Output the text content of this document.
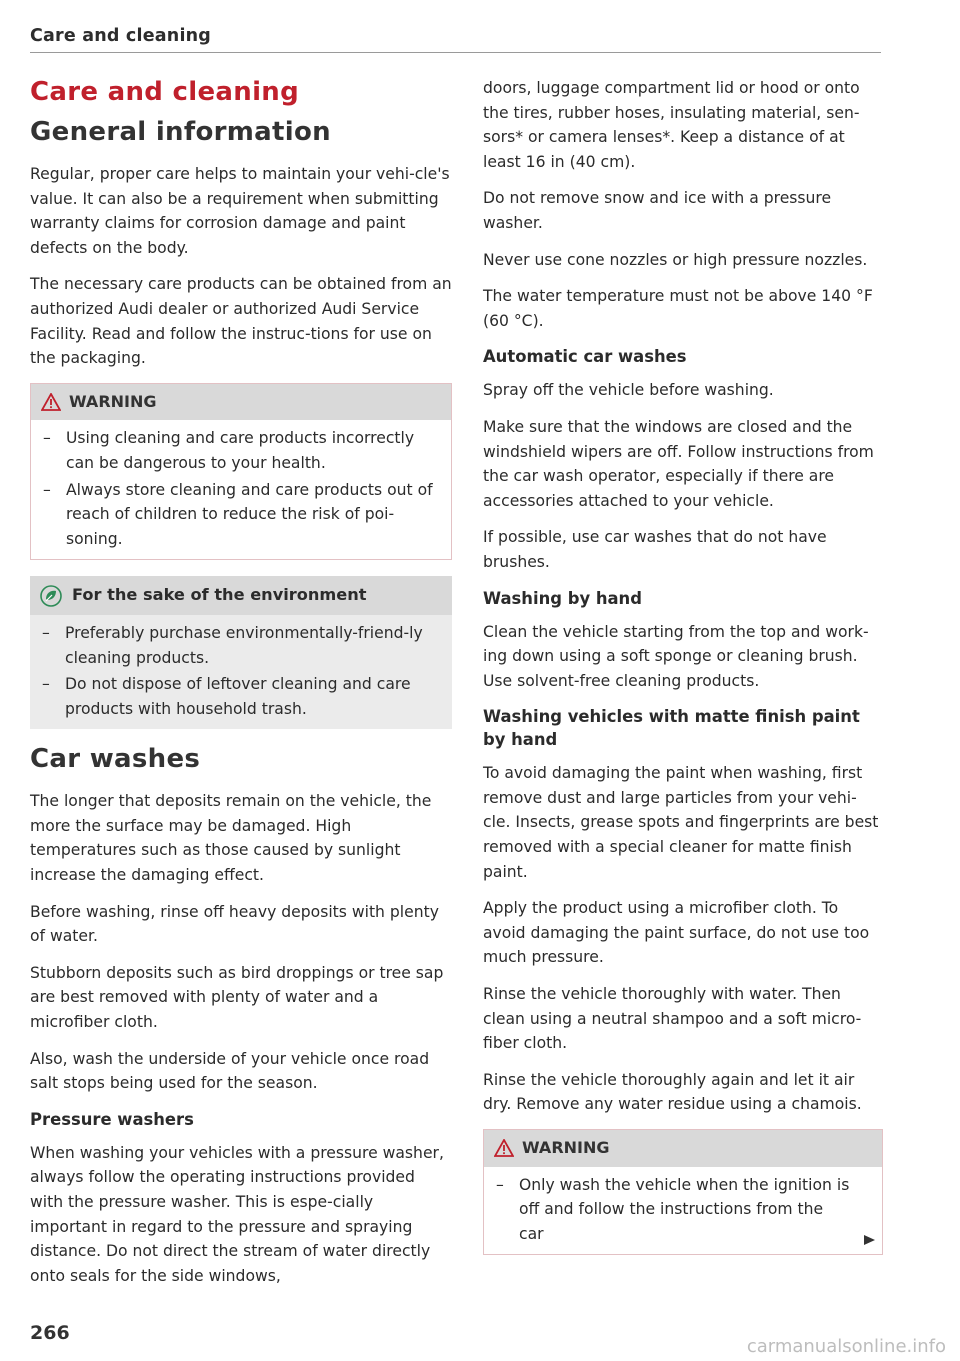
Care and cleaning
Care and cleaning
General information

Regular, proper care helps to maintain your vehi-cle's value. It can also be a requirement when submitting warranty claims for corrosion damage and paint defects on the body.

The necessary care products can be obtained from an authorized Audi dealer or authorized Audi Service Facility. Read and follow the instruc-tions for use on the packaging.

WARNING
– Using cleaning and care products incorrectly can be dangerous to your health.
– Always store cleaning and care products out of reach of children to reduce the risk of poi-soning.
For the sake of the environment
– Preferably purchase environmentally-friend-ly cleaning products.
– Do not dispose of leftover cleaning and care products with household trash.
Car washes

The longer that deposits remain on the vehicle, the more the surface may be damaged. High temperatures such as those caused by sunlight increase the damaging effect.

Before washing, rinse off heavy deposits with plenty of water.

Stubborn deposits such as bird droppings or tree sap are best removed with plenty of water and a microfiber cloth.

Also, wash the underside of your vehicle once road salt stops being used for the season.

Pressure washers

When washing your vehicles with a pressure washer, always follow the operating instructions provided with the pressure washer. This is espe-cially important in regard to the pressure and spraying distance. Do not direct the stream of water directly onto seals for the side windows,

doors, luggage compartment lid or hood or onto the tires, rubber hoses, insulating material, sen-sors* or camera lenses*. Keep a distance of at least 16 in (40 cm).

Do not remove snow and ice with a pressure washer.

Never use cone nozzles or high pressure nozzles.

The water temperature must not be above 140 °F (60 °C).

Automatic car washes

Spray off the vehicle before washing.

Make sure that the windows are closed and the windshield wipers are off. Follow instructions from the car wash operator, especially if there are accessories attached to your vehicle.

If possible, use car washes that do not have brushes.

Washing by hand

Clean the vehicle starting from the top and work-ing down using a soft sponge or cleaning brush. Use solvent-free cleaning products.

Washing vehicles with matte finish paint by hand

To avoid damaging the paint when washing, first remove dust and large particles from your vehi-cle. Insects, grease spots and fingerprints are best removed with a special cleaner for matte finish paint.

Apply the product using a microfiber cloth. To avoid damaging the paint surface, do not use too much pressure.

Rinse the vehicle thoroughly with water. Then clean using a neutral shampoo and a soft micro-fiber cloth.

Rinse the vehicle thoroughly again and let it air dry. Remove any water residue using a chamois.

WARNING
– Only wash the vehicle when the ignition is off and follow the instructions from the car
266
carmanualsonline.info
